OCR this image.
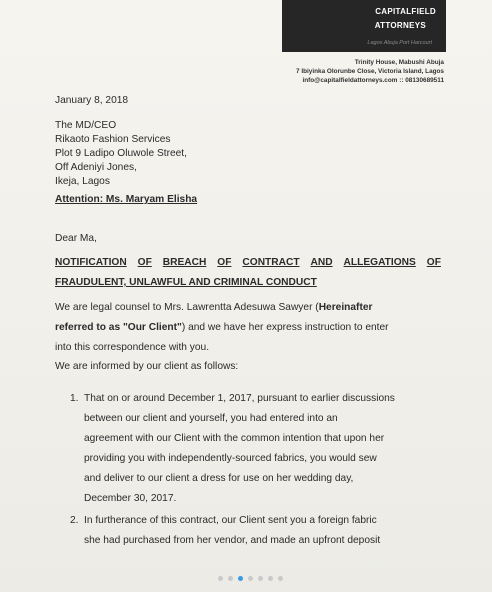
CAPITALFIELD
ATTORNEYS
Lagos Abuja Port Harcourt
Trinity House, Mabushi Abuja
7 Ibiyinka Olorunbe Close, Victoria Island, Lagos
info@capitalfieldattorneys.com :: 08130689511
January 8, 2018
The MD/CEO
Rikaoto Fashion Services
Plot 9 Ladipo Oluwole Street,
Off Adeniyi Jones,
Ikeja, Lagos
Attention: Ms. Maryam Elisha
Dear Ma,
NOTIFICATION OF BREACH OF CONTRACT AND ALLEGATIONS OF
FRAUDULENT, UNLAWFUL AND CRIMINAL CONDUCT
We are legal counsel to Mrs. Lawrentta Adesuwa Sawyer (Hereinafter
referred to as "Our Client") and we have her express instruction to enter
into this correspondence with you.
We are informed by our client as follows:
1. That on or around December 1, 2017, pursuant to earlier discussions
between our client and yourself, you had entered into an
agreement with our Client with the common intention that upon her
providing you with independently-sourced fabrics, you would sew
and deliver to our client a dress for use on her wedding day,
December 30, 2017.
2. In furtherance of this contract, our Client sent you a foreign fabric
she had purchased from her vendor, and made an upfront deposit
